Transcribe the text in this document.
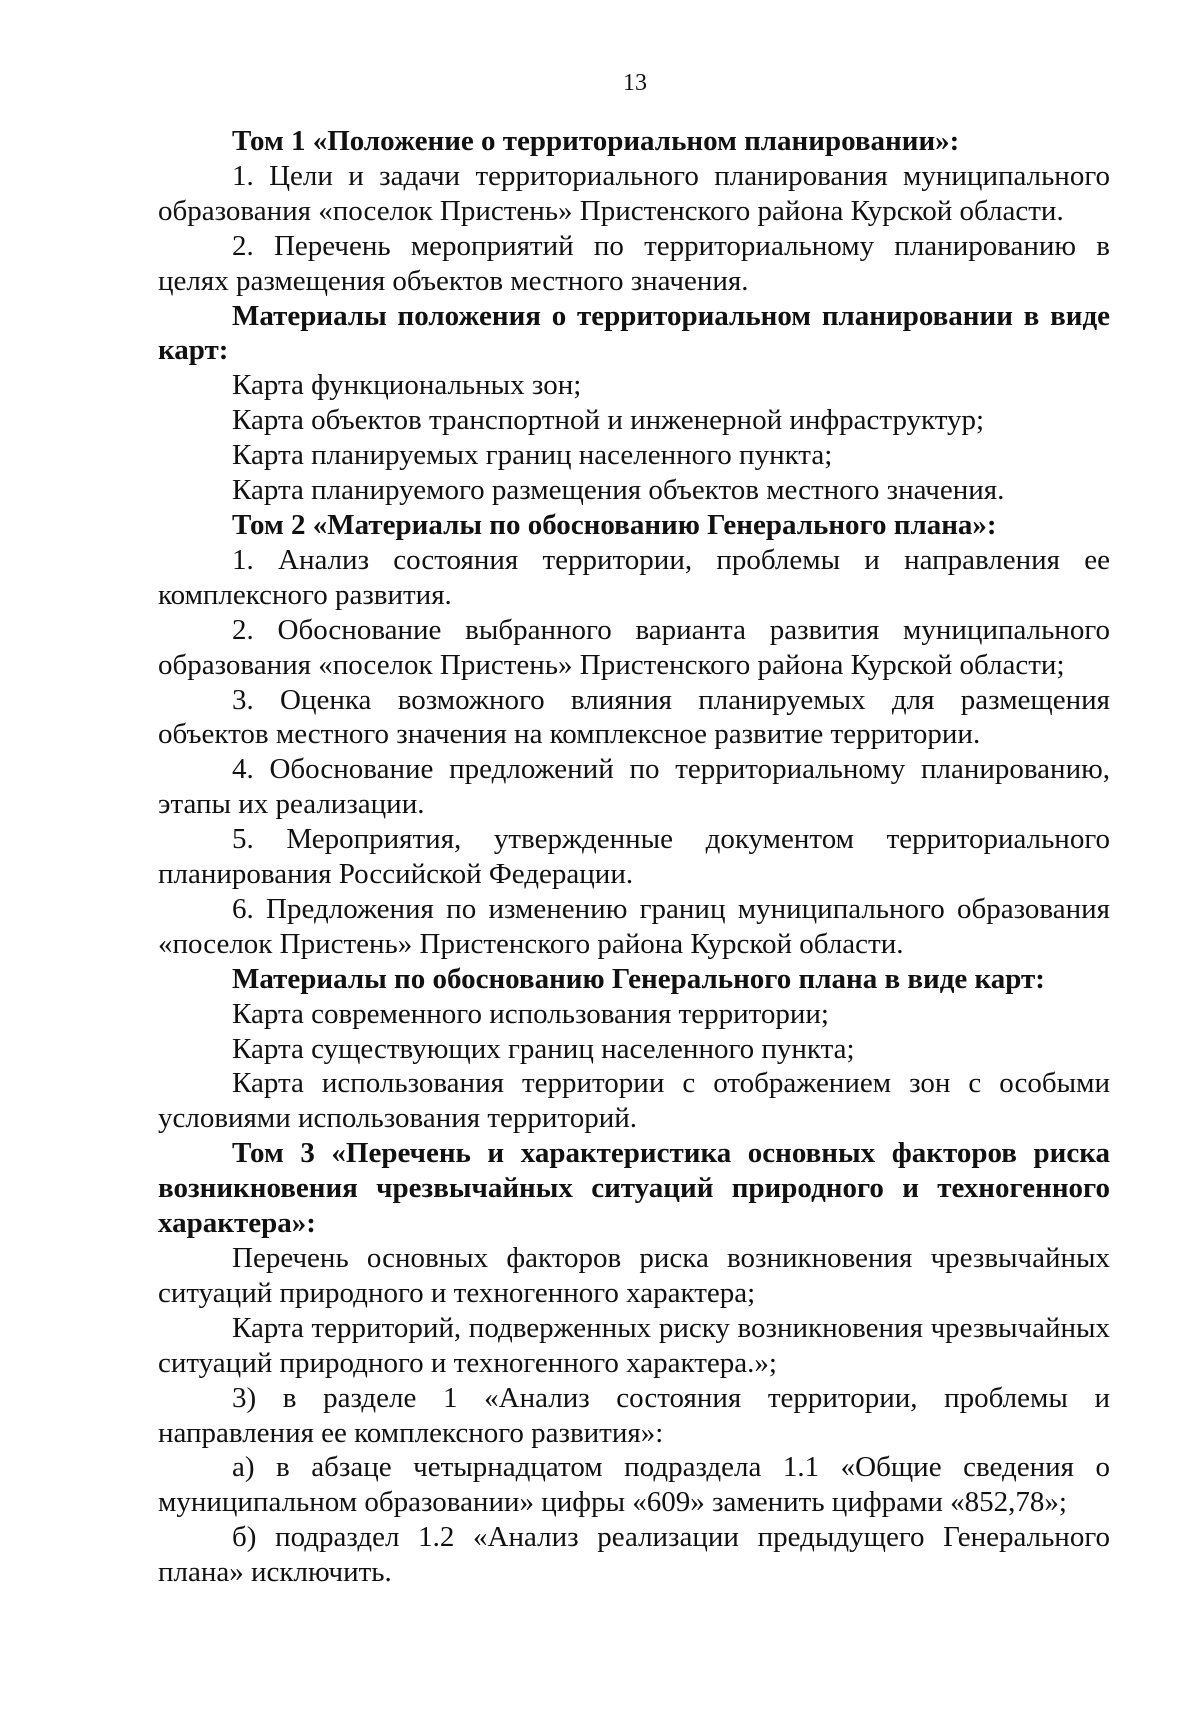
13

Том 1 «Положение о территориальном планировании»:

1. Цели и задачи территориального планирования муниципального образования «поселок Пристень» Пристенского района Курской области.

2. Перечень мероприятий по территориальному планированию в целях размещения объектов местного значения.

Материалы положения о территориальном планировании в виде карт:

Карта функциональных зон;

Карта объектов транспортной и инженерной инфраструктур;

Карта планируемых границ населенного пункта;

Карта планируемого размещения объектов местного значения.

Том 2 «Материалы по обоснованию Генерального плана»:

1. Анализ состояния территории, проблемы и направления ее комплексного развития.

2. Обоснование выбранного варианта развития муниципального образования «поселок Пристень» Пристенского района Курской области;

3. Оценка возможного влияния планируемых для размещения объектов местного значения на комплексное развитие территории.

4. Обоснование предложений по территориальному планированию, этапы их реализации.

5. Мероприятия, утвержденные документом территориального планирования Российской Федерации.

6. Предложения по изменению границ муниципального образования «поселок Пристень» Пристенского района Курской области.

Материалы по обоснованию Генерального плана в виде карт:

Карта современного использования территории;

Карта существующих границ населенного пункта;

Карта использования территории с отображением зон с особыми условиями использования территорий.

Том 3 «Перечень и характеристика основных факторов риска возникновения чрезвычайных ситуаций природного и техногенного характера»:

Перечень основных факторов риска возникновения чрезвычайных ситуаций природного и техногенного характера;

Карта территорий, подверженных риску возникновения чрезвычайных ситуаций природного и техногенного характера.»;

3) в разделе 1 «Анализ состояния территории, проблемы и направления ее комплексного развития»:

а) в абзаце четырнадцатом подраздела 1.1 «Общие сведения о муниципальном образовании» цифры «609» заменить цифрами «852,78»;

б) подраздел 1.2 «Анализ реализации предыдущего Генерального плана» исключить.
